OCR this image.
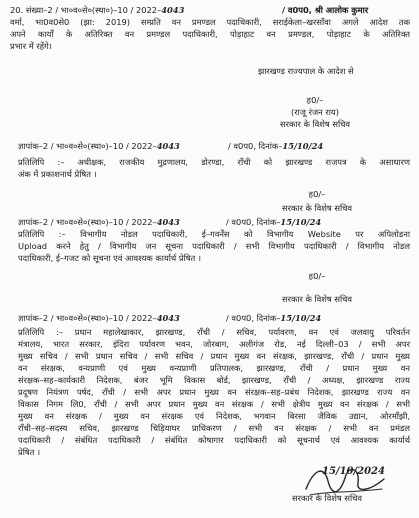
20. संख्या–2 / भा०व०से०(स्था०)–10 / 2022–4043	/ व0प0, श्री आलोक कुमार
वर्मा, भा0व0से0 (झा: 2019) सम्प्रति वन प्रमण्डल पदाधिकारी, सराईकेला–खरसाँवा अगले आदेश तक
अपने कार्यों के अतिरिक्त वन प्रमण्डल पदाधिकारी, पोड़ाहाट वन प्रमण्डल, पोड़ाहाट के अतिरिक्त
प्रभार में रहेंगे।
झारखण्ड राज्यपाल के आदेश से
ह0/–
(राजू रंजन राय)
सरकार के विशेष सचिव
ज्ञापांक–2 / भा०व०से०(स्था०)–10 / 2022–4043	/ व0प0, दिनांक–15/10/24
प्रतिलिपि :– अधीक्षक, राजकीय मुद्रणालय, डोरण्डा, राँची को झारखण्ड राजपत्र के असाधारण
अंक में प्रकाशनार्थ प्रेषित ।
ह0/–
सरकार के विशेष सचिव
ज्ञापांक–2 / भा०व०से०(स्था०)–10 / 2022–4043	/ व0प0, दिनांक–15/10/24
प्रतिलिपि :– विभागीय नोडल पदाधिकारी, ई–गवर्नेंस को विभागीय Website पर अपिलोडना
Upload करने हेतु / विभागीय जन सूचना पदाधिकारी / सभी विभागीय पदाधिकारी / विभागीय नोडल
पदाधिकारी, ई–गजट को सूचना एवं आवश्यक कार्यार्थ प्रेषित ।
ह0/–
सरकार के विशेष सचिव
ज्ञापांक–2 / भा०व०से०(स्था०)–10 / 2022–4043	/ व0प0, दिनांक–15/10/24
प्रतिलिपि :– प्रधान महालेखाकार, झारखण्ड, राँची / सचिव, पर्यावरण, वन एवं जलवायु परिवर्तन
मंत्रालय, भारत सरकार, इंदिरा पर्यावरण भवन, जोरबाग, अलीगंज रोड, नई दिल्ली–03 / सभी अपर
मुख्य सचिव / सभी प्रधान सचिव / सभी सचिव / प्रधान मुख्य वन संरक्षक, झारखण्ड, राँची / प्रधान मुख्य
वन संरक्षक, वन्यप्राणी एवं मुख्य वन्यप्राणी प्रतिपालक, झारखण्ड, राँची / प्रधान मुख्य वन
संरक्षक–सह–कार्यकारी निदेशक, बंजर भूमि विकास बोर्ड, झारखण्ड, राँची / अध्यक्ष, झारखण्ड राज्य
प्रदूषण नियंत्रण पर्षद, राँची / सभी अपर प्रधान मुख्य वन संरक्षक–सह–प्रबंध निदेशक, झारखण्ड राज्य वन
विकास निगम लि0, राँची / सभी अपर प्रधान मुख्य वन संरक्षक / सभी क्षेत्रीय मुख्य वन संरक्षक / सभी
मुख्य वन संरक्षक / मुख्य वन संरक्षक एवं निदेशक, भगवान बिरसा जैविक उद्यान, ओरमाँझी,
राँची–सह–सदस्य सचिव, झारखण्ड चिड़ियाघर प्राधिकरण / सभी वन संरक्षक / सभी वन प्रमंडल
पदाधिकारी / संबंधित पदाधिकारी / संबंधित कोषागार पदाधिकारी को सूचनार्थ एवं आवश्यक कार्यार्थ
प्रेषित ।
15/10/2024
सरकार के विशेष सचिव
